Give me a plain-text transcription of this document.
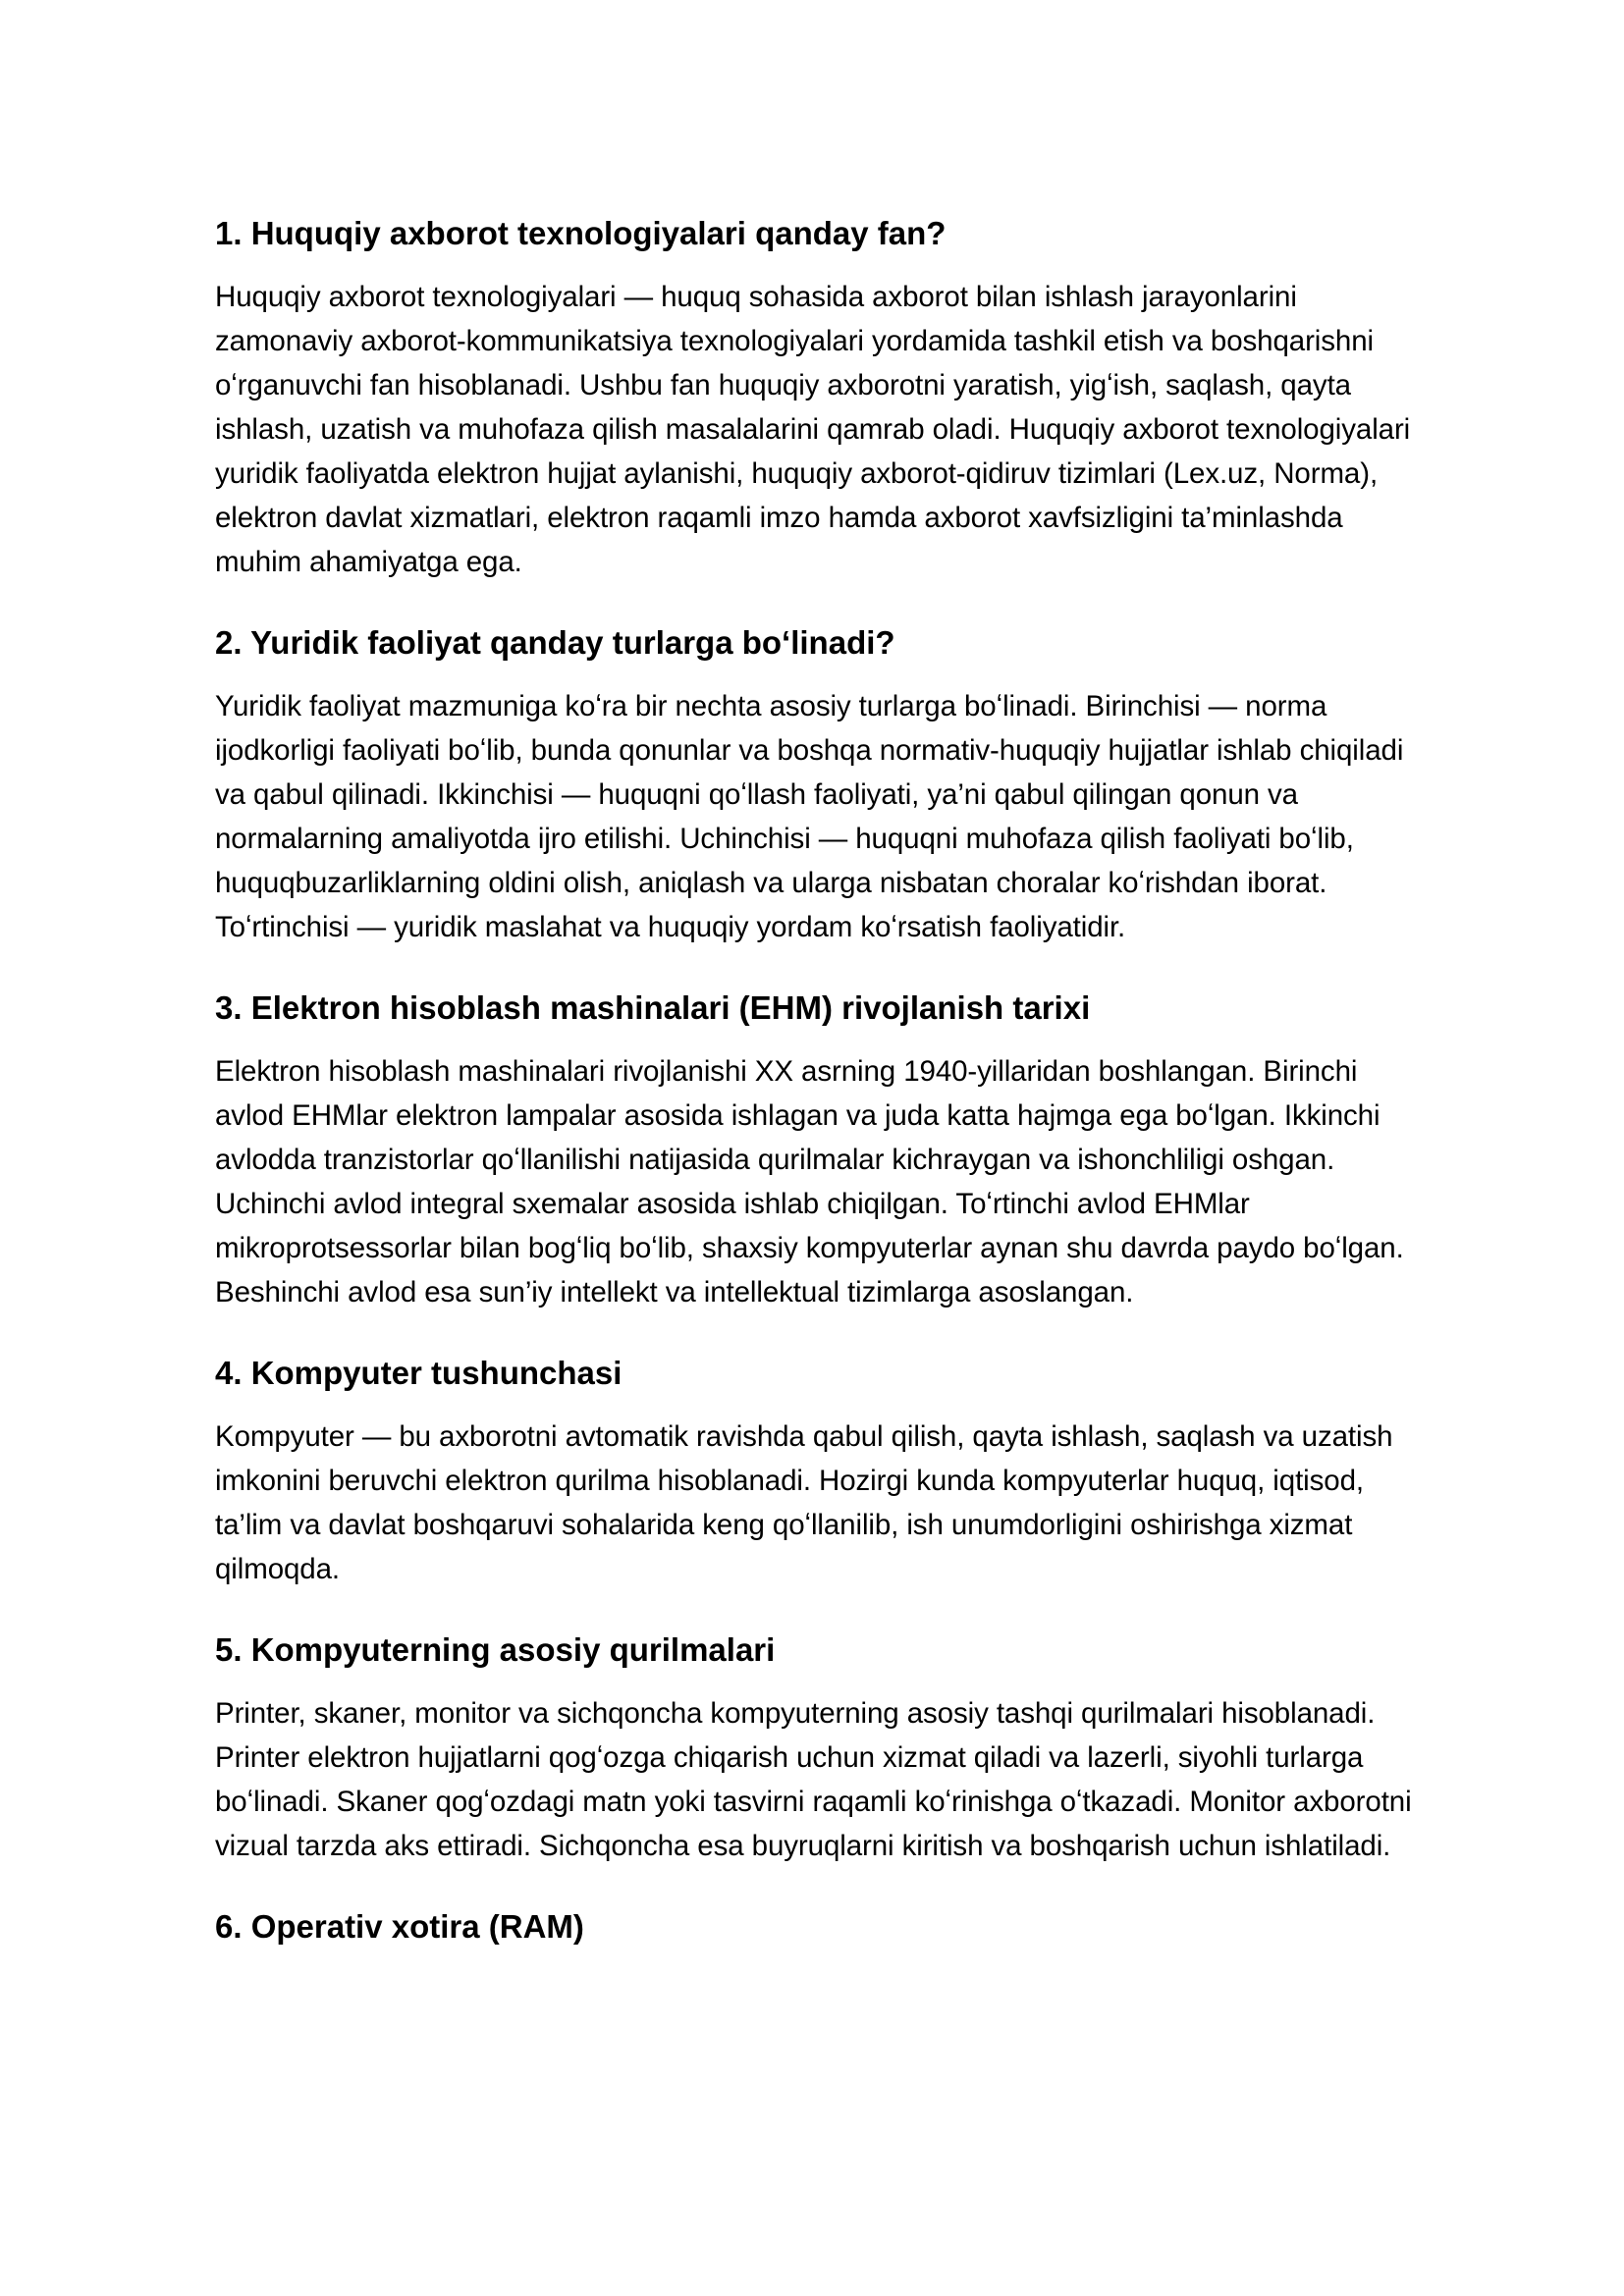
1. Huquqiy axborot texnologiyalari qanday fan?

Huquqiy axborot texnologiyalari — huquq sohasida axborot bilan ishlash jarayonlarini zamonaviy axborot-kommunikatsiya texnologiyalari yordamida tashkil etish va boshqarishni oʻrganuvchi fan hisoblanadi. Ushbu fan huquqiy axborotni yaratish, yigʻish, saqlash, qayta ishlash, uzatish va muhofaza qilish masalalarini qamrab oladi. Huquqiy axborot texnologiyalari yuridik faoliyatda elektron hujjat aylanishi, huquqiy axborot-qidiruv tizimlari (Lex.uz, Norma), elektron davlat xizmatlari, elektron raqamli imzo hamda axborot xavfsizligini ta’minlashda muhim ahamiyatga ega.

2. Yuridik faoliyat qanday turlarga boʻlinadi?

Yuridik faoliyat mazmuniga koʻra bir nechta asosiy turlarga boʻlinadi. Birinchisi — norma ijodkorligi faoliyati boʻlib, bunda qonunlar va boshqa normativ-huquqiy hujjatlar ishlab chiqiladi va qabul qilinadi. Ikkinchisi — huquqni qoʻllash faoliyati, ya’ni qabul qilingan qonun va normalarning amaliyotda ijro etilishi. Uchinchisi — huquqni muhofaza qilish faoliyati boʻlib, huquqbuzarliklarning oldini olish, aniqlash va ularga nisbatan choralar koʻrishdan iborat. Toʻrtinchisi — yuridik maslahat va huquqiy yordam koʻrsatish faoliyatidir.

3. Elektron hisoblash mashinalari (EHM) rivojlanish tarixi

Elektron hisoblash mashinalari rivojlanishi XX asrning 1940-yillaridan boshlangan. Birinchi avlod EHMlar elektron lampalar asosida ishlagan va juda katta hajmga ega boʻlgan. Ikkinchi avlodda tranzistorlar qoʻllanilishi natijasida qurilmalar kichraygan va ishonchliligi oshgan. Uchinchi avlod integral sxemalar asosida ishlab chiqilgan. Toʻrtinchi avlod EHMlar mikroprotsessorlar bilan bogʻliq boʻlib, shaxsiy kompyuterlar aynan shu davrda paydo boʻlgan. Beshinchi avlod esa sun’iy intellekt va intellektual tizimlarga asoslangan.

4. Kompyuter tushunchasi

Kompyuter — bu axborotni avtomatik ravishda qabul qilish, qayta ishlash, saqlash va uzatish imkonini beruvchi elektron qurilma hisoblanadi. Hozirgi kunda kompyuterlar huquq, iqtisod, ta’lim va davlat boshqaruvi sohalarida keng qoʻllanilib, ish unumdorligini oshirishga xizmat qilmoqda.

5. Kompyuterning asosiy qurilmalari

Printer, skaner, monitor va sichqoncha kompyuterning asosiy tashqi qurilmalari hisoblanadi. Printer elektron hujjatlarni qogʻozga chiqarish uchun xizmat qiladi va lazerli, siyohli turlarga boʻlinadi. Skaner qogʻozdagi matn yoki tasvirni raqamli koʻrinishga oʻtkazadi. Monitor axborotni vizual tarzda aks ettiradi. Sichqoncha esa buyruqlarni kiritish va boshqarish uchun ishlatiladi.

6. Operativ xotira (RAM)
